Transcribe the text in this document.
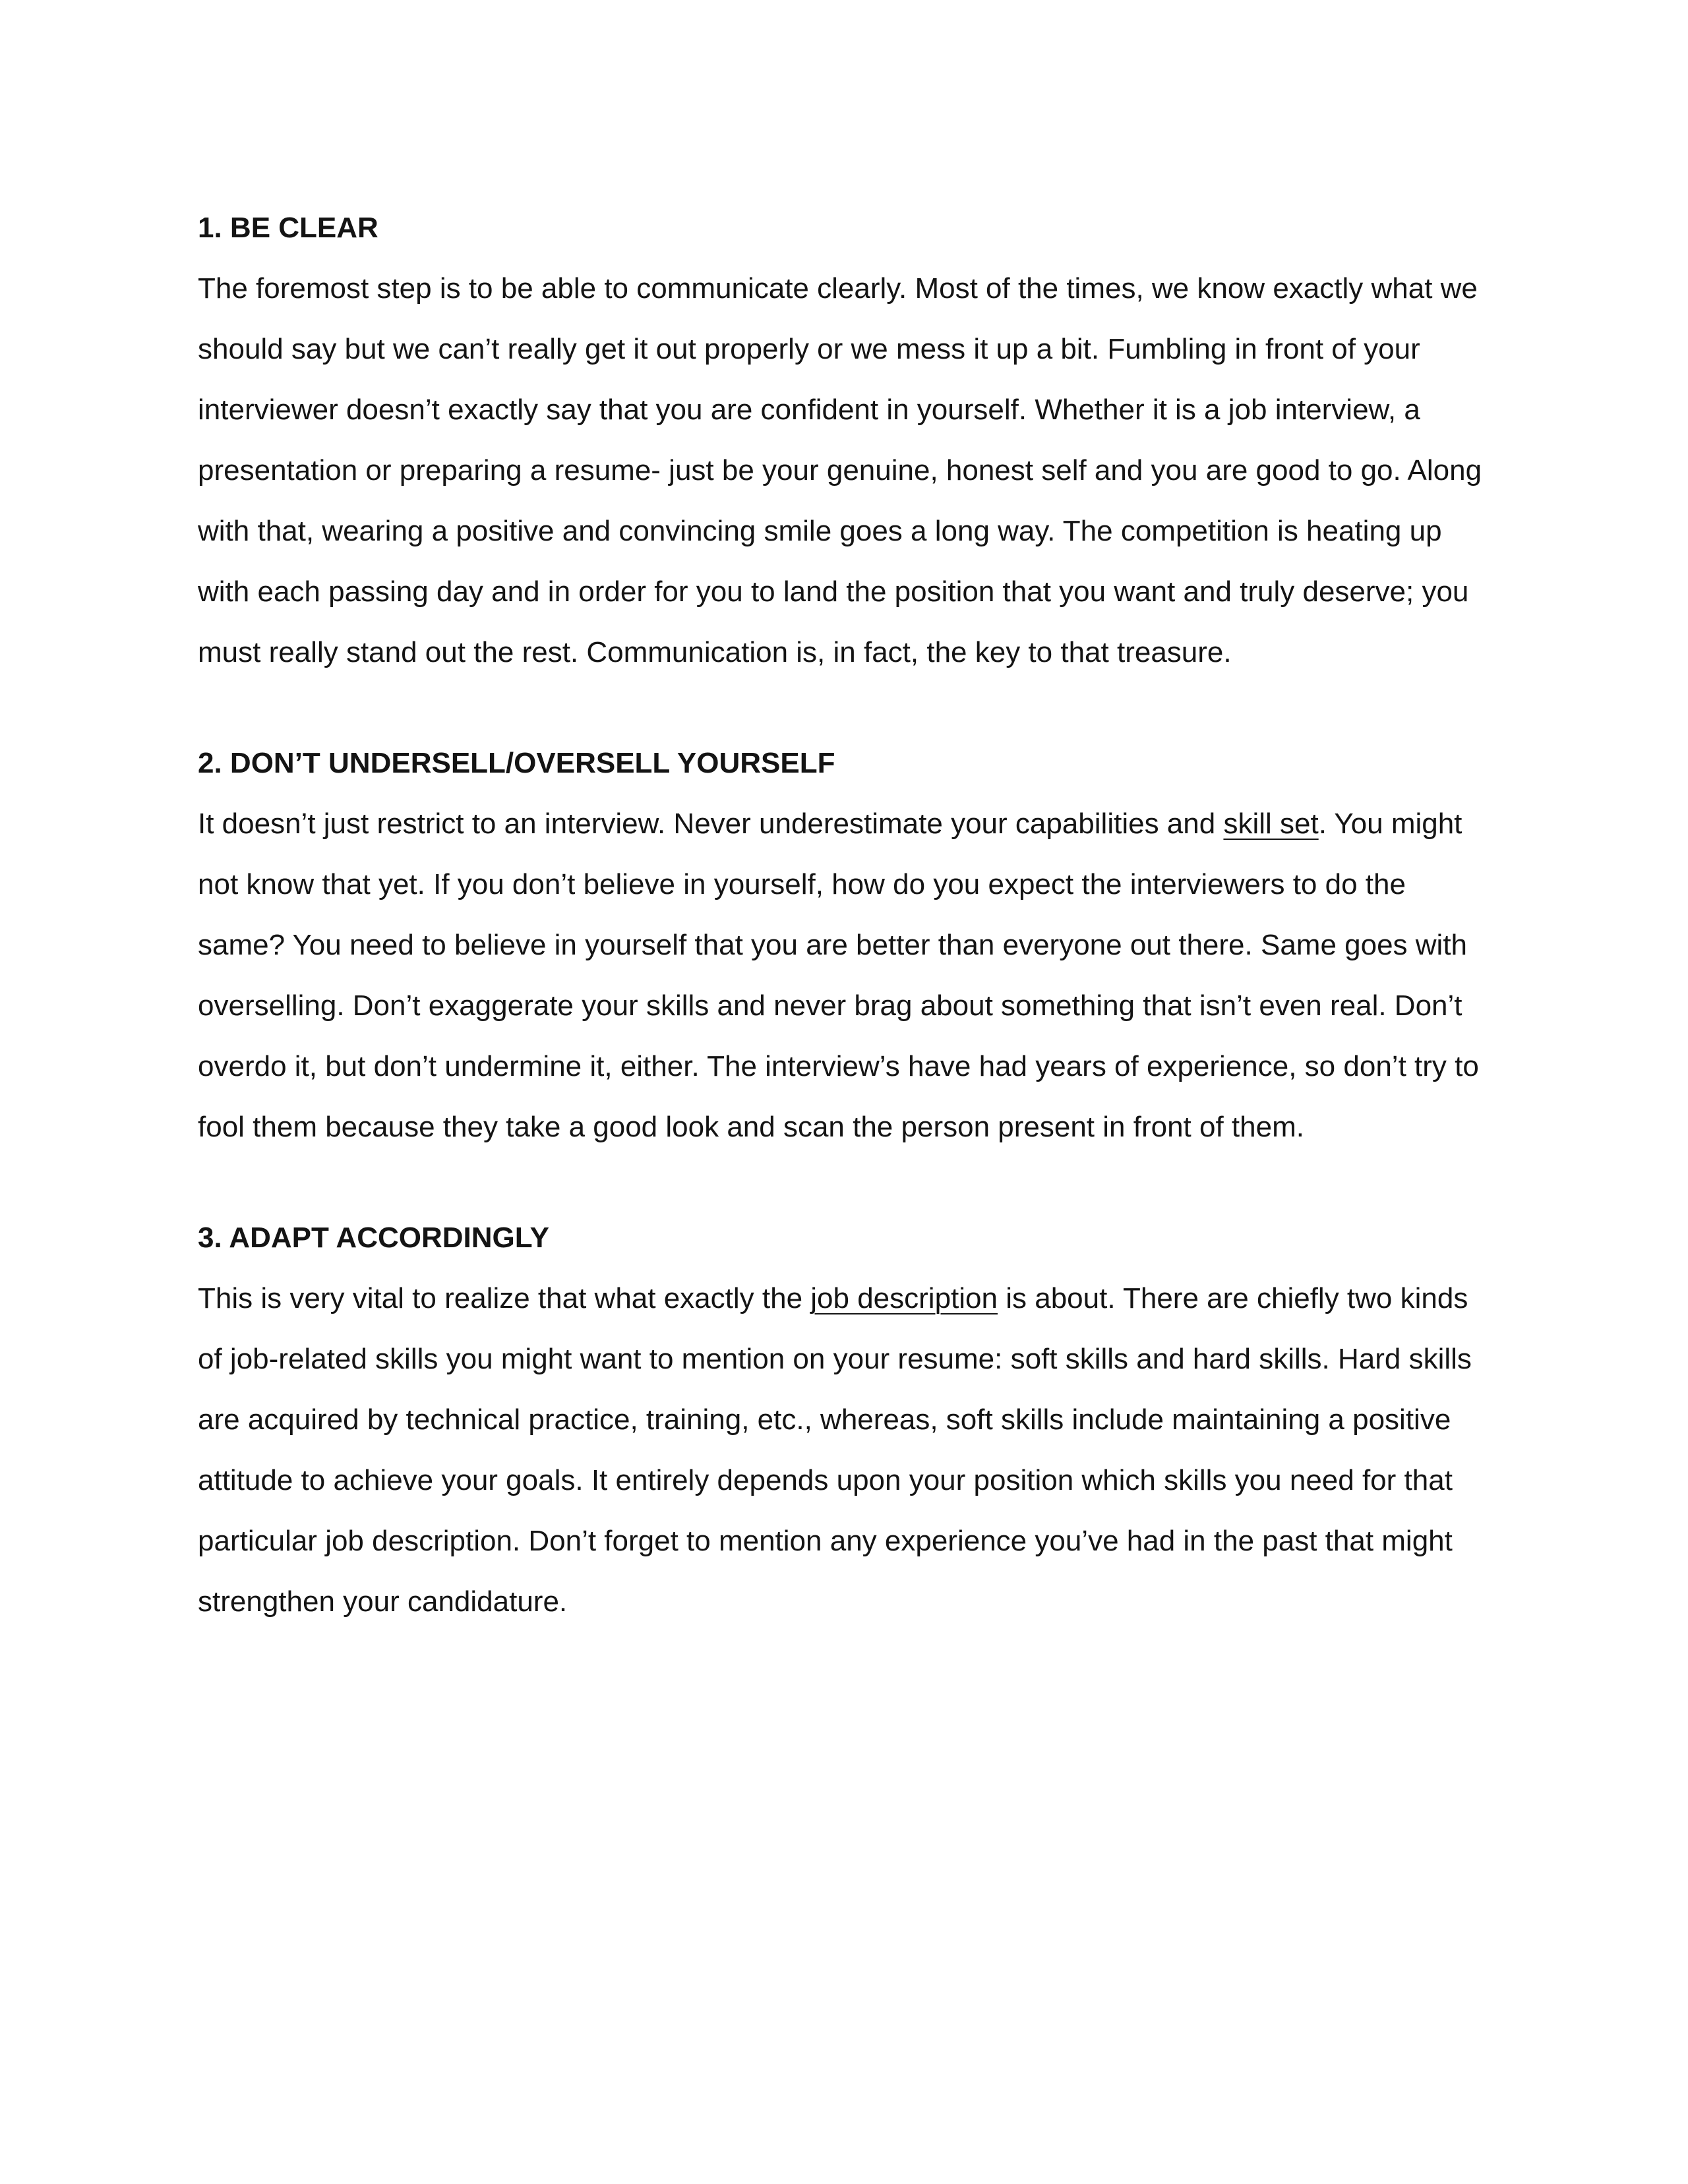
1. BE CLEAR

The foremost step is to be able to communicate clearly. Most of the times, we know exactly what we should say but we can’t really get it out properly or we mess it up a bit. Fumbling in front of your interviewer doesn’t exactly say that you are confident in yourself. Whether it is a job interview, a presentation or preparing a resume- just be your genuine, honest self and you are good to go. Along with that, wearing a positive and convincing smile goes a long way. The competition is heating up with each passing day and in order for you to land the position that you want and truly deserve; you must really stand out the rest. Communication is, in fact, the key to that treasure.

2. DON’T UNDERSELL/OVERSELL YOURSELF

It doesn’t just restrict to an interview. Never underestimate your capabilities and skill set. You might not know that yet. If you don’t believe in yourself, how do you expect the interviewers to do the same? You need to believe in yourself that you are better than everyone out there. Same goes with overselling. Don’t exaggerate your skills and never brag about something that isn’t even real. Don’t overdo it, but don’t undermine it, either. The interview’s have had years of experience, so don’t try to fool them because they take a good look and scan the person present in front of them.

3. ADAPT ACCORDINGLY

This is very vital to realize that what exactly the job description is about. There are chiefly two kinds of job-related skills you might want to mention on your resume: soft skills and hard skills. Hard skills are acquired by technical practice, training, etc., whereas, soft skills include maintaining a positive attitude to achieve your goals. It entirely depends upon your position which skills you need for that particular job description. Don’t forget to mention any experience you’ve had in the past that might strengthen your candidature.
